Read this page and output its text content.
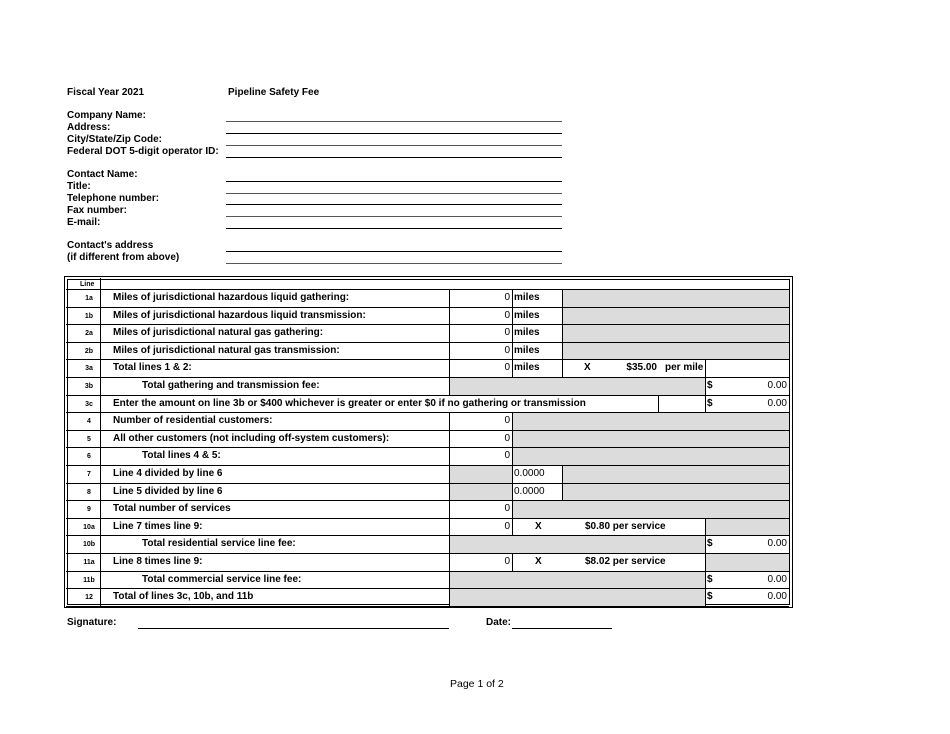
Fiscal Year 2021	Pipeline Safety Fee
Company Name:
Address:
City/State/Zip Code:
Federal DOT 5-digit operator ID:
Contact Name:
Title:
Telephone number:
Fax number:
E-mail:
Contact's address
(if different from above)
Line
1a	Miles of jurisdictional hazardous liquid gathering:	0 miles
1b	Miles of jurisdictional hazardous liquid transmission:	0 miles
2a	Miles of jurisdictional natural gas gathering:	0 miles
2b	Miles of jurisdictional natural gas transmission:	0 miles
3a	Total lines 1 & 2:	0 miles	X	$35.00 per mile
3b	Total gathering and transmission fee:	$	0.00
3c	Enter the amount on line 3b or $400 whichever is greater or enter $0 if no gathering or transmission	$	0.00
4	Number of residential customers:	0
5	All other customers (not including off-system customers):	0
6	Total lines 4 & 5:	0
7	Line 4 divided by line 6	0.0000
8	Line 5 divided by line 6	0.0000
9	Total number of services	0
10a	Line 7 times line 9:	0	X	$0.80 per service
10b	Total residential service line fee:	$	0.00
11a	Line 8 times line 9:	0	X	$8.02 per service
11b	Total commercial service line fee:	$	0.00
12	Total of lines 3c, 10b, and 11b	$	0.00
Signature:	Date:
Page 1 of 2
